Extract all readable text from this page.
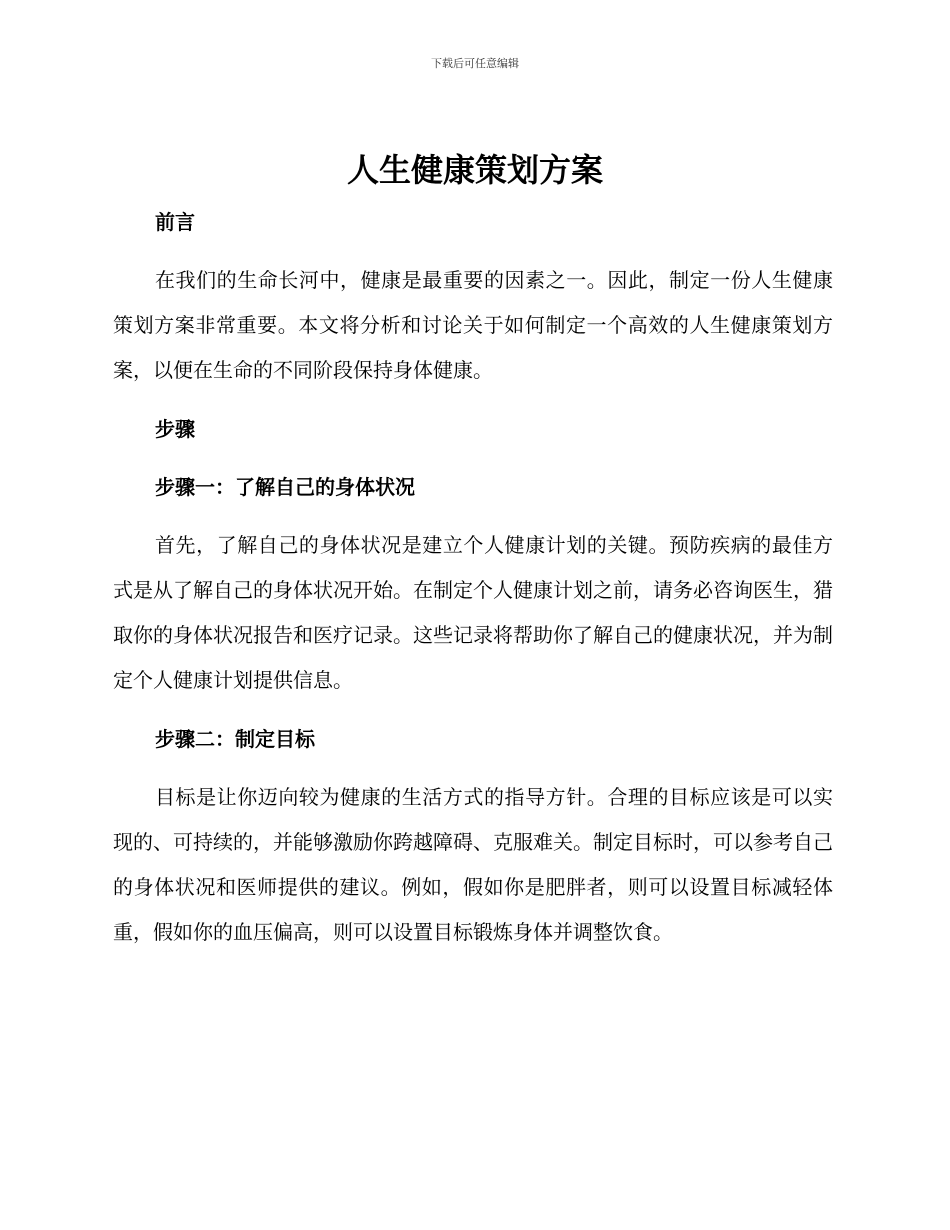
下载后可任意编辑
人生健康策划方案

前言

在我们的生命长河中，健康是最重要的因素之一。因此，制定一份人生健康策划方案非常重要。本文将分析和讨论关于如何制定一个高效的人生健康策划方案，以便在生命的不同阶段保持身体健康。

步骤

步骤一：了解自己的身体状况

首先，了解自己的身体状况是建立个人健康计划的关键。预防疾病的最佳方式是从了解自己的身体状况开始。在制定个人健康计划之前，请务必咨询医生，猎取你的身体状况报告和医疗记录。这些记录将帮助你了解自己的健康状况，并为制定个人健康计划提供信息。

步骤二：制定目标

目标是让你迈向较为健康的生活方式的指导方针。合理的目标应该是可以实现的、可持续的，并能够激励你跨越障碍、克服难关。制定目标时，可以参考自己的身体状况和医师提供的建议。例如，假如你是肥胖者，则可以设置目标减轻体重，假如你的血压偏高，则可以设置目标锻炼身体并调整饮食。
